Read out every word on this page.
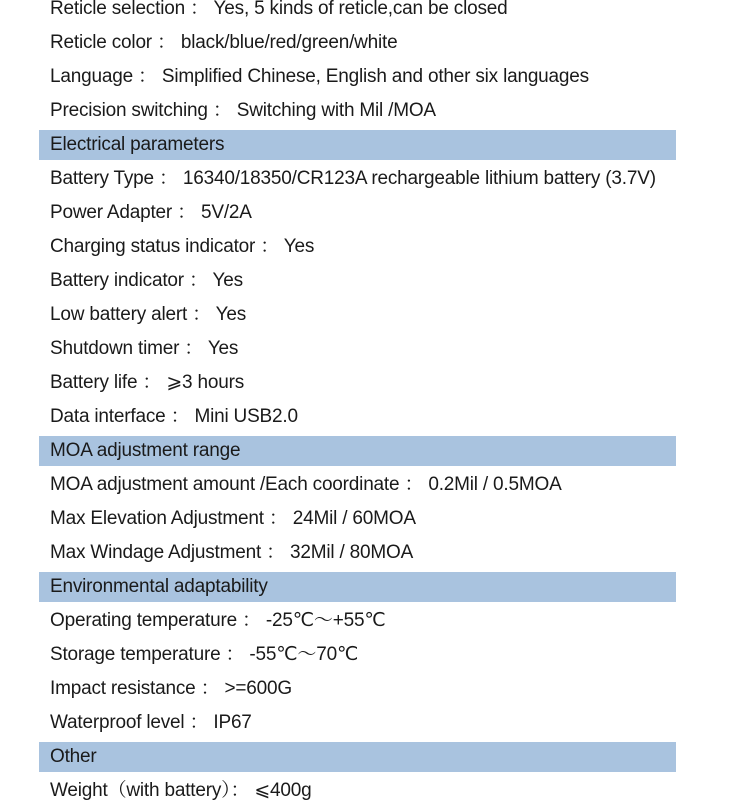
Reticle selection ： Yes, 5 kinds of reticle,can be closed
Reticle color ： black/blue/red/green/white
Language ： Simplified Chinese, English and other six languages
Precision switching ： Switching with Mil /MOA
Electrical parameters
Battery Type ： 16340/18350/CR123A rechargeable lithium battery (3.7V)
Power Adapter ： 5V/2A
Charging status indicator ： Yes
Battery indicator ： Yes
Low battery alert ： Yes
Shutdown timer ： Yes
Battery life ： ⩾3 hours
Data interface ： Mini USB2.0
MOA adjustment range
MOA adjustment amount /Each coordinate ： 0.2Mil / 0.5MOA
Max Elevation Adjustment ： 24Mil / 60MOA
Max Windage Adjustment ： 32Mil / 80MOA
Environmental adaptability
Operating temperature ： -25℃～+55℃
Storage temperature ： -55℃～70℃
Impact resistance ： >=600G
Waterproof level ： IP67
Other
Weight（with battery）： ⩽400g
